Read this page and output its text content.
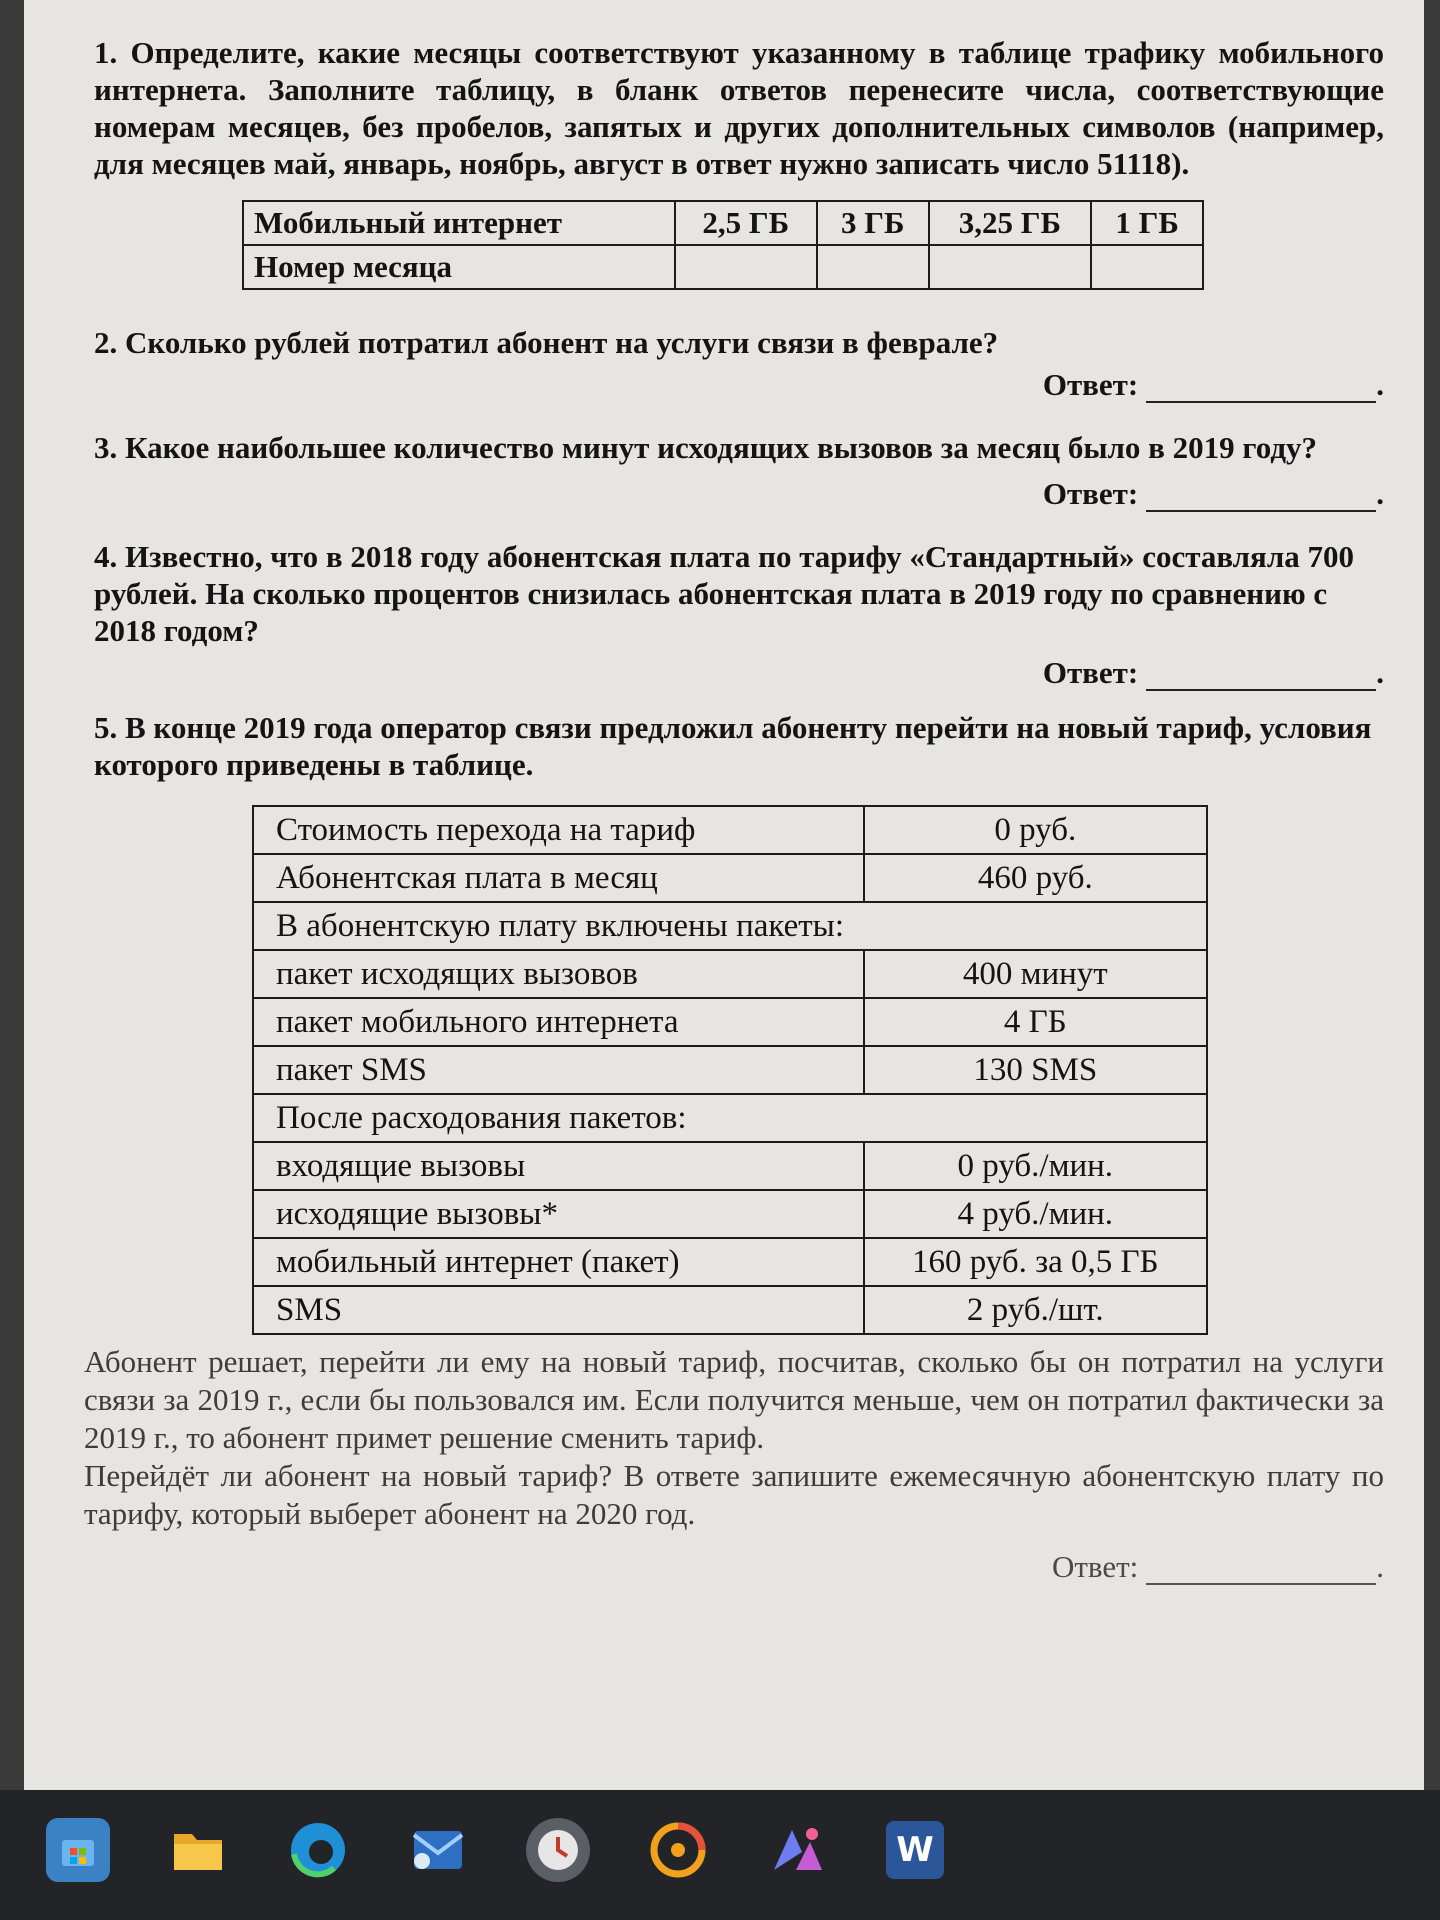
1. Определите, какие месяцы соответствуют указанному в таблице трафику мобильного интернета. Заполните таблицу, в бланк ответов перенесите числа, соответствующие номерам месяцев, без пробелов, запятых и других дополнительных символов (например, для месяцев май, январь, ноябрь, август в ответ нужно записать число 51118).

Мобильный интернет	2,5 ГБ	3 ГБ	3,25 ГБ	1 ГБ
Номер месяца				

2. Сколько рублей потратил абонент на услуги связи в феврале?

Ответ:	.

3. Какое наибольшее количество минут исходящих вызовов за месяц было в 2019 году?

Ответ:	.

4. Известно, что в 2018 году абонентская плата по тарифу «Стандартный» составляла 700 рублей. На сколько процентов снизилась абонентская плата в 2019 году по сравнению с 2018 годом?

Ответ:	.

5. В конце 2019 года оператор связи предложил абоненту перейти на новый тариф, условия которого приведены в таблице.

Стоимость перехода на тариф	0 руб.
Абонентская плата в месяц	460 руб.
В абонентскую плату включены пакеты:	
пакет исходящих вызовов	400 минут
пакет мобильного интернета	4 ГБ
пакет SMS	130 SMS
После расходования пакетов:	
входящие вызовы	0 руб./мин.
исходящие вызовы*	4 руб./мин.
мобильный интернет (пакет)	160 руб. за 0,5 ГБ
SMS	2 руб./шт.

Абонент решает, перейти ли ему на новый тариф, посчитав, сколько бы он потратил на услуги связи за 2019 г., если бы пользовался им. Если получится меньше, чем он потратил фактически за 2019 г., то абонент примет решение сменить тариф.

Перейдёт ли абонент на новый тариф? В ответе запишите ежемесячную абонентскую плату по тарифу, который выберет абонент на 2020 год.

Ответ:	.

W
